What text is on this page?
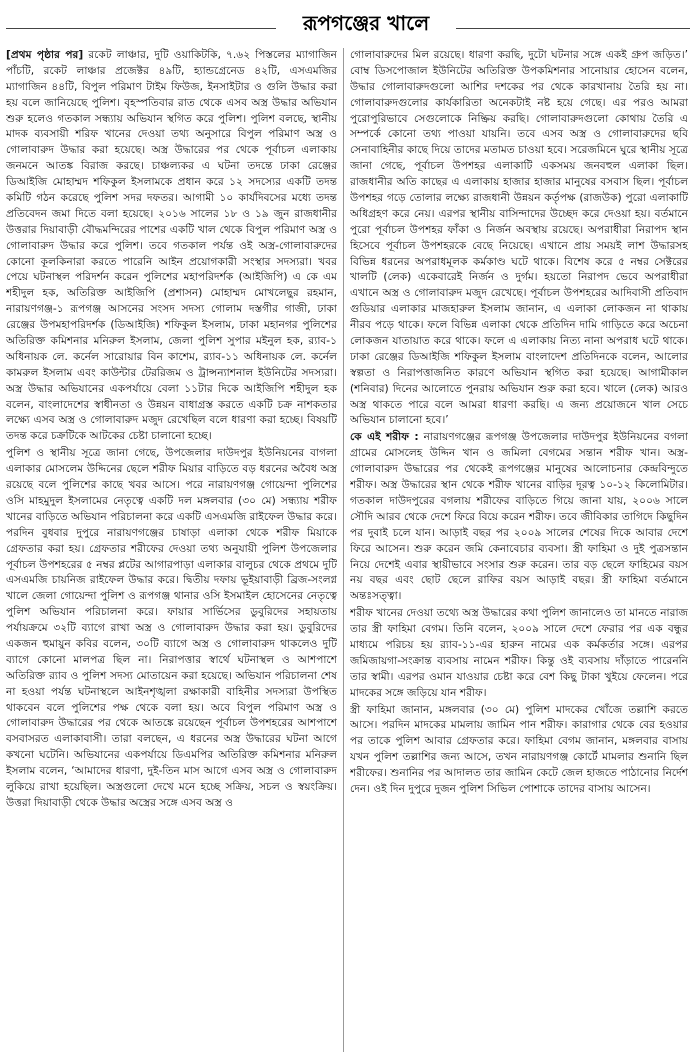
রূপগঞ্জের খালে

[প্রথম পৃষ্ঠার পর] রকেট লাঞ্চার, দুটি ওয়াকিটকি, ৭.৬২ পিস্তলের ম্যাগাজিন পাঁচটি, রকেট লাঞ্চার প্রজেক্টর ৪৯টি, হ্যান্ডগ্রেনেড ৪২টি, এসএমজির ম্যাগাজিন ৪৪টি, বিপুল পরিমাণ টাইম ফিউজ, ইনসাইটার ও গুলি উদ্ধার করা হয় বলে জানিয়েছে পুলিশ। বৃহস্পতিবার রাত থেকে এসব অস্ত্র উদ্ধার অভিযান শুরু হলেও গতকাল সন্ধ্যায় অভিযান স্থগিত করে পুলিশ। পুলিশ বলছে, স্থানীয় মাদক ব্যবসায়ী শরিফ খানের দেওয়া তথ্য অনুসারে বিপুল পরিমাণ অস্ত্র ও গোলাবারুদ উদ্ধার করা হয়েছে। অস্ত্র উদ্ধারের পর থেকে পূর্বাচল এলাকায় জনমনে আতঙ্ক বিরাজ করছে। চাঞ্চল্যকর এ ঘটনা তদন্তে ঢাকা রেঞ্জের ডিআইজি মোহাম্মদ শফিকুল ইসলামকে প্রধান করে ১২ সদস্যের একটি তদন্ত কমিটি গঠন করেছে পুলিশ সদর দফতর। আগামী ১০ কার্যদিবসের মধ্যে তদন্ত প্রতিবেদন জমা দিতে বলা হয়েছে। ২০১৬ সালের ১৮ ও ১৯ জুন রাজধানীর উত্তরার দিয়াবাড়ী বৌদ্ধমন্দিরের পাশের একটি খাল থেকে বিপুল পরিমাণ অস্ত্র ও গোলাবারুদ উদ্ধার করে পুলিশ। তবে গতকাল পর্যন্ত ওই অস্ত্র-গোলাবারুদের কোনো কূলকিনারা করতে পারেনি আইন প্রয়োগকারী সংস্থার সদস্যরা। খবর পেয়ে ঘটনাস্থল পরিদর্শন করেন পুলিশের মহাপরিদর্শক (আইজিপি) এ কে এম শহীদুল হক, অতিরিক্ত আইজিপি (প্রশাসন) মোহাম্মদ মোখলেছুর রহমান, নারায়ণগঞ্জ-১ রূপগঞ্জ আসনের সংসদ সদস্য গোলাম দস্তগীর গাজী, ঢাকা রেঞ্জের উপমহাপরিদর্শক (ডিআইজি) শফিকুল ইসলাম, ঢাকা মহানগর পুলিশের অতিরিক্ত কমিশনার মনিরুল ইসলাম, জেলা পুলিশ সুপার মইনুল হক, র‌্যাব-১ অধিনায়ক লে. কর্নেল সারোয়ার বিন কাশেম, র‌্যাব-১১ অধিনায়ক লে. কর্নেল কামরুল ইসলাম এবং কাউন্টার টেররিজম ও ট্রান্সন্যাশনাল ইউনিটের সদস্যরা। অস্ত্র উদ্ধার অভিযানের একপর্যায়ে বেলা ১১টার দিকে আইজিপি শহীদুল হক বলেন, বাংলাদেশের স্বাধীনতা ও উন্নয়ন বাধাগ্রস্ত করতে একটি চক্র নাশকতার লক্ষ্যে এসব অস্ত্র ও গোলাবারুদ মজুদ রেখেছিল বলে ধারণা করা হচ্ছে। বিষয়টি তদন্ত করে চক্রটিকে আটকের চেষ্টা চালানো হচ্ছে।

পুলিশ ও স্থানীয় সূত্রে জানা গেছে, উপজেলার দাউদপুর ইউনিয়নের বাগলা এলাকার মোসলেম উদ্দিনের ছেলে শরীফ মিয়ার বাড়িতে বড় ধরনের অবৈধ অস্ত্র রয়েছে বলে পুলিশের কাছে খবর আসে। পরে নারায়ণগঞ্জ গোয়েন্দা পুলিশের ওসি মাহমুদুল ইসলামের নেতৃত্বে একটি দল মঙ্গলবার (৩০ মে) সন্ধ্যায় শরীফ খানের বাড়িতে অভিযান পরিচালনা করে একটি এসএমজি রাইফেল উদ্ধার করে। পরদিন বুধবার দুপুরে নারায়ণগঞ্জের চাষাড়া এলাকা থেকে শরীফ মিয়াকে গ্রেফতার করা হয়। গ্রেফতার শরীফের দেওয়া তথ্য অনুযায়ী পুলিশ উপজেলার পূর্বাচল উপশহরের ৫ নম্বর প্লটের আগারপাড়া এলাকার বালুচর থেকে প্রথমে দুটি এসএমজি চায়নিজ রাইফেল উদ্ধার করে। দ্বিতীয় দফায় ভূইয়াবাড়ী ব্রিজ-সংলগ্ন খালে জেলা গোয়েন্দা পুলিশ ও রূপগঞ্জ থানার ওসি ইসমাইল হোসেনের নেতৃত্বে পুলিশ অভিযান পরিচালনা করে। ফায়ার সার্ভিসের ডুবুরিদের সহায়তায় পর্যায়ক্রমে ৩২টি ব্যাগে রাখা অস্ত্র ও গোলাবারুদ উদ্ধার করা হয়। ডুবুরিদের একজন হুমায়ুন কবির বলেন, ৩০টি ব্যাগে অস্ত্র ও গোলাবারুদ থাকলেও দুটি ব্যাগে কোনো মালপত্র ছিল না। নিরাপত্তার স্বার্থে ঘটনাস্থল ও আশপাশে অতিরিক্ত র‌্যাব ও পুলিশ সদস্য মোতায়েন করা হয়েছে। অভিযান পরিচালনা শেষ না হওয়া পর্যন্ত ঘটনাস্থলে আইনশৃঙ্খলা রক্ষাকারী বাহিনীর সদস্যরা উপস্থিত থাকবেন বলে পুলিশের পক্ষ থেকে বলা হয়। অবে বিপুল পরিমাণ অস্ত্র ও গোলাবারুদ উদ্ধারের পর থেকে আতঙ্কে রয়েছেন পূর্বাচল উপশহরের আশপাশে বসবাসরত এলাকাবাসী। তারা বলছেন, এ ধরনের অস্ত্র উদ্ধারের ঘটনা আগে কখনো ঘটেনি। অভিযানের একপর্যায়ে ডিএমপির অতিরিক্ত কমিশনার মনিরুল ইসলাম বলেন, ‘আমাদের ধারণা, দুই-তিন মাস আগে এসব অস্ত্র ও গোলাবারুদ লুকিয়ে রাখা হয়েছিল। অস্ত্রগুলো দেখে মনে হচ্ছে সক্রিয়, সচল ও স্বয়ংক্রিয়। উত্তরা দিয়াবাড়ী থেকে উদ্ধার অস্ত্রের সঙ্গে এসব অস্ত্র ও

গোলাবারুদের মিল রয়েছে। ধারণা করছি, দুটো ঘটনার সঙ্গে একই গ্রুপ জড়িত।’ বোম্ব ডিসপোজাল ইউনিটের অতিরিক্ত উপকমিশনার সানোয়ার হোসেন বলেন, উদ্ধার গোলাবারুদগুলো আশির দশকের পর থেকে কারখানায় তৈরি হয় না। গোলাবারুদগুলোর কার্যকারিতা অনেকটাই নষ্ট হয়ে গেছে। এর পরও আমরা পুরোপুরিভাবে সেগুলোকে নিষ্ক্রিয় করছি। গোলাবারুদগুলো কোথায় তৈরি এ সম্পর্কে কোনো তথ্য পাওয়া যায়নি। তবে এসব অস্ত্র ও গোলাবারুদের ছবি সেনাবাহিনীর কাছে দিয়ে তাদের মতামত চাওয়া হবে। সরেজমিনে ঘুরে স্থানীয় সূত্রে জানা গেছে, পূর্বাচল উপশহর এলাকাটি একসময় জনবহুল এলাকা ছিল। রাজধানীর অতি কাছের এ এলাকায় হাজার হাজার মানুষের বসবাস ছিল। পূর্বাচল উপশহর গড়ে তোলার লক্ষ্যে রাজধানী উন্নয়ন কর্তৃপক্ষ (রাজউক) পুরো এলাকাটি অধিগ্রহণ করে নেয়। এরপর স্থানীয় বাসিন্দাদের উচ্ছেদ করে দেওয়া হয়। বর্তমানে পুরো পূর্বাচল উপশহর ফাঁকা ও নির্জন অবস্থায় রয়েছে। অপরাধীরা নিরাপদ স্থান হিসেবে পূর্বাচল উপশহরকে বেছে নিয়েছে। এখানে প্রায় সময়ই লাশ উদ্ধারসহ বিভিন্ন ধরনের অপরাধমূলক কর্মকাণ্ড ঘটে থাকে। বিশেষ করে ৫ নম্বর সেক্টরের খালটি (লেক) একেবারেই নির্জন ও দুর্গম। হয়তো নিরাপদ ভেবে অপরাধীরা এখানে অস্ত্র ও গোলাবারুদ মজুদ রেখেছে। পূর্বাচল উপশহরের আদিবাসী প্রতিবাদ গুডিয়ার এলাকার মাজহারুল ইসলাম জানান, এ এলাকা লোকজন না থাকায় নীরব পড়ে থাকে। ফলে বিভিন্ন এলাকা থেকে প্রতিদিন দামি গাড়িতে করে অচেনা লোকজন যাতায়াত করে থাকে। ফলে এ এলাকায় নিত্য নানা অপরাধ ঘটে থাকে। ঢাকা রেঞ্জের ডিআইজি শফিকুল ইসলাম বাংলাদেশ প্রতিদিনকে বলেন, আলোর স্বল্পতা ও নিরাপত্তাজনিত কারণে অভিযান স্থগিত করা হয়েছে। আগামীকাল (শনিবার) দিনের আলোতে পুনরায় অভিযান শুরু করা হবে। খালে (লেক) আরও অস্ত্র থাকতে পারে বলে আমরা ধারণা করছি। এ জন্য প্রয়োজনে খাল সেচে অভিযান চালানো হবে।’

কে এই শরীফ : নারায়ণগঞ্জের রূপগঞ্জ উপজেলার দাউদপুর ইউনিয়নের বগলা গ্রামের মোসলেহ উদ্দিন খান ও জমিলা বেগমের সন্তান শরীফ খান। অস্ত্র-গোলাবারুদ উদ্ধারের পর থেকেই রূপগঞ্জের মানুষের আলোচনার কেন্দ্রবিন্দুতে শরীফ। অস্ত্র উদ্ধারের স্থান থেকে শরীফ খানের বাড়ির দূরত্ব ১০-১২ কিলোমিটার। গতকাল দাউদপুরের বগলায় শরীফের বাড়িতে গিয়ে জানা যায়, ২০০৬ সালে সৌদি আরব থেকে দেশে ফিরে বিয়ে করেন শরীফ। তবে জীবিকার তাগিদে কিছুদিন পর দুবাই চলে যান। আড়াই বছর পর ২০০৯ সালের শেষের দিকে আবার দেশে ফিরে আসেন। শুরু করেন জমি কেনাবেচার ব্যবসা। স্ত্রী ফাহিমা ও দুই পুত্রসন্তান নিয়ে দেশেই এবার স্থায়ীভাবে সংসার শুরু করেন। তার বড় ছেলে ফাহিমের বয়স নয় বছর এবং ছোট ছেলে রাফির বয়স আড়াই বছর। স্ত্রী ফাহিমা বর্তমানে অন্তঃসত্ত্বা।

শরীফ খানের দেওয়া তথ্যে অস্ত্র উদ্ধারের কথা পুলিশ জানালেও তা মানতে নারাজ তার স্ত্রী ফাহিমা বেগম। তিনি বলেন, ২০০৯ সালে দেশে ফেরার পর এক বন্ধুর মাধ্যমে পরিচয় হয় র‌্যাব-১১-এর হারুন নামের এক কর্মকর্তার সঙ্গে। এরপর জমিজায়গা-সংক্রান্ত ব্যবসায় নামেন শরীফ। কিন্তু ওই ব্যবসায় দাঁড়াতে পারেননি তার স্বামী। এরপর ওমান যাওয়ার চেষ্টা করে বেশ কিছু টাকা খুইয়ে ফেলেন। পরে মাদকের সঙ্গে জড়িয়ে যান শরীফ।

স্ত্রী ফাহিমা জানান, মঙ্গলবার (৩০ মে) পুলিশ মাদকের খোঁজে তল্লাশি করতে আসে। পরদিন মাদকের মামলায় জামিন পান শরীফ। কারাগার থেকে বের হওয়ার পর তাকে পুলিশ আবার গ্রেফতার করে। ফাহিমা বেগম জানান, মঙ্গলবার বাসায় যখন পুলিশ তল্লাশির জন্য আসে, তখন নারায়ণগঞ্জ কোর্টে মামলার শুনানি ছিল শরীফের। শুনানির পর আদালত তার জামিন কেটে জেল হাজতে পাঠানোর নির্দেশ দেন। ওই দিন দুপুরে দুজন পুলিশ সিভিল পোশাকে তাদের বাসায় আসেন।
